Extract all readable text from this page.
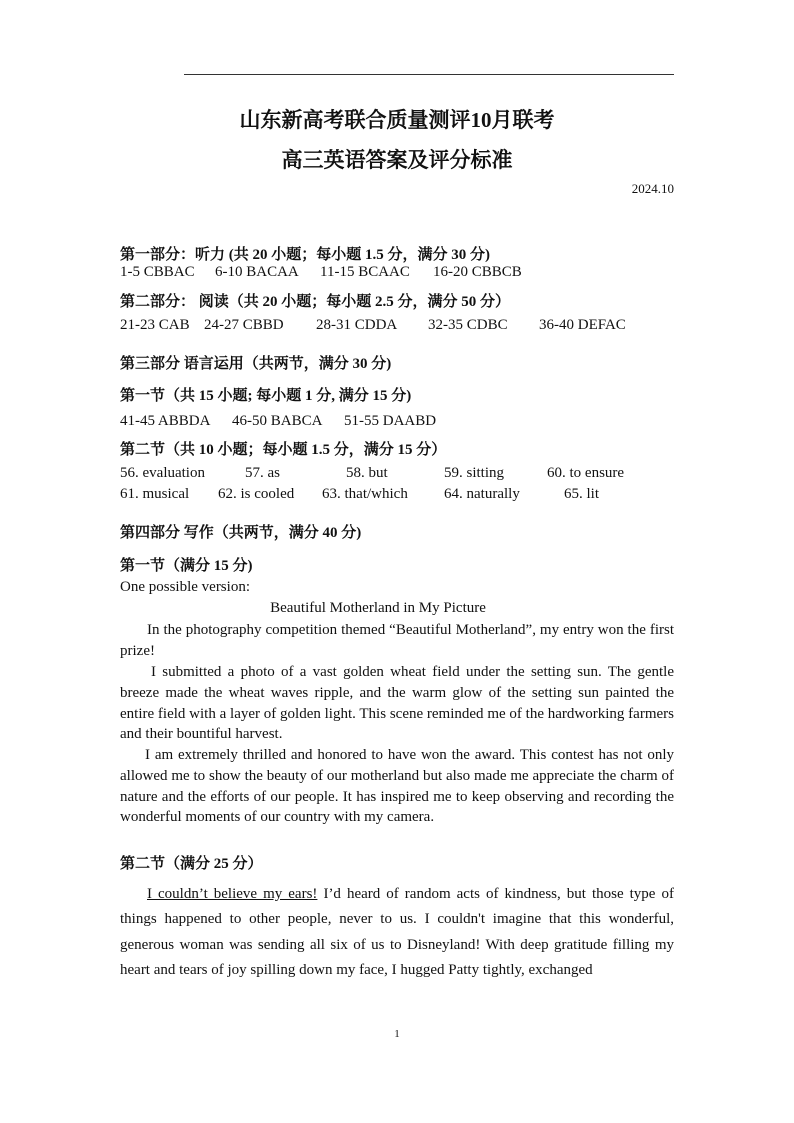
山东新高考联合质量测评10月联考
高三英语答案及评分标准
2024.10
第一部分：听力 (共 20 小题；每小题 1.5 分，满分 30 分)
1-5 CBBAC 6-10 BACAA 11-15 BCAAC 16-20 CBBCB
第二部分： 阅读（共 20 小题；每小题 2.5 分，满分 50 分）
21-23 CAB 24-27 CBBD 28-31 CDDA 32-35 CDBC 36-40 DEFAC
第三部分 语言运用（共两节，满分 30 分)
第一节（共 15 小题; 每小题 1 分, 满分 15 分)
41-45 ABBDA 46-50 BABCA 51-55 DAABD
第二节（共 10 小题；每小题 1.5 分，满分 15 分）
56. evaluation	57. as	58. but	59. sitting	60. to ensure
61. musical 62. is cooled 63. that/which 64. naturally	65. lit
第四部分 写作（共两节，满分 40 分)
第一节（满分 15 分)
One possible version:
Beautiful Motherland in My Picture
In the photography competition themed “Beautiful Motherland”, my entry won the first prize!
I submitted a photo of a vast golden wheat field under the setting sun. The gentle breeze made the wheat waves ripple, and the warm glow of the setting sun painted the entire field with a layer of golden light. This scene reminded me of the hardworking farmers and their bountiful harvest.
I am extremely thrilled and honored to have won the award. This contest has not only allowed me to show the beauty of our motherland but also made me appreciate the charm of nature and the efforts of our people. It has inspired me to keep observing and recording the wonderful moments of our country with my camera.
第二节（满分 25 分）
I couldn’t believe my ears! I’d heard of random acts of kindness, but those type of things happened to other people, never to us. I couldn't imagine that this wonderful, generous woman was sending all six of us to Disneyland! With deep gratitude filling my heart and tears of joy spilling down my face, I hugged Patty tightly, exchanged
1
